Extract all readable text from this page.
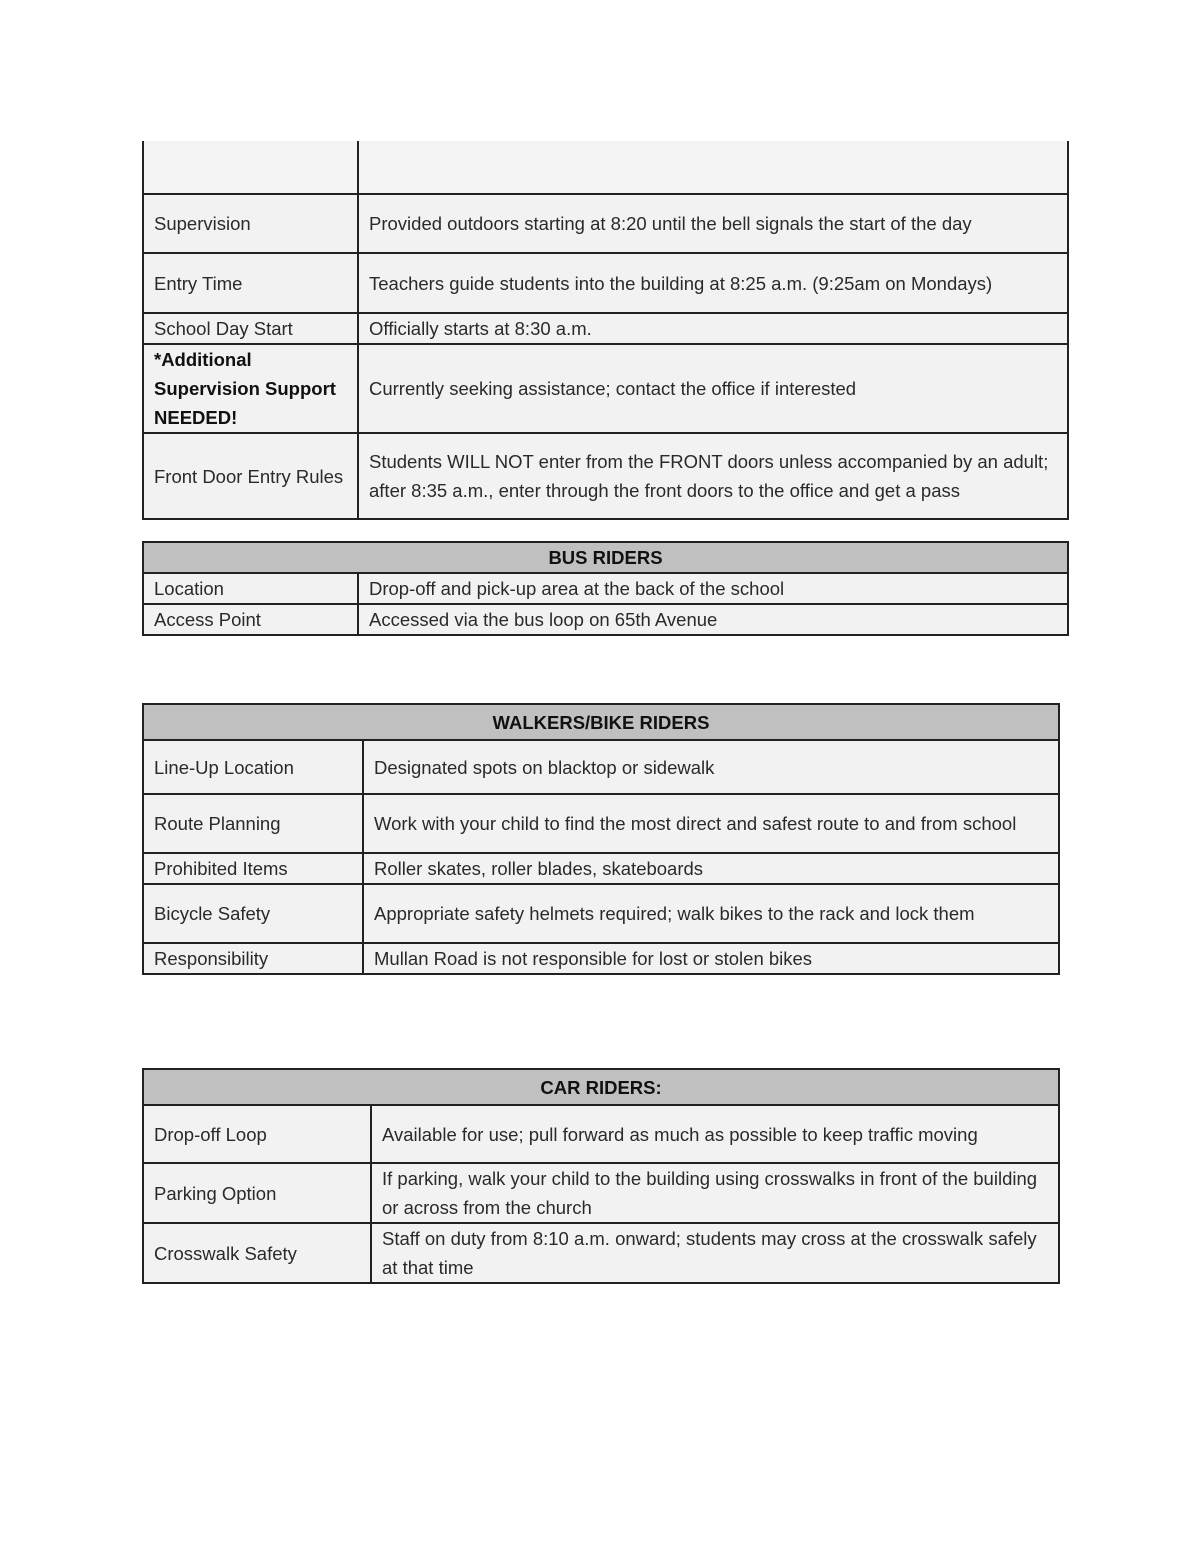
Supervision	Provided outdoors starting at 8:20 until the bell signals the start of the day
Entry Time	Teachers guide students into the building at 8:25 a.m. (9:25am on Mondays)
School Day Start	Officially starts at 8:30 a.m.
*Additional Supervision Support NEEDED!	Currently seeking assistance; contact the office if interested
Front Door Entry Rules	Students WILL NOT enter from the FRONT doors unless accompanied by an adult; after 8:35 a.m., enter through the front doors to the office and get a pass
BUS RIDERS	
Location	Drop-off and pick-up area at the back of the school
Access Point	Accessed via the bus loop on 65th Avenue
WALKERS/BIKE RIDERS	
Line-Up Location	Designated spots on blacktop or sidewalk
Route Planning	Work with your child to find the most direct and safest route to and from school
Prohibited Items	Roller skates, roller blades, skateboards
Bicycle Safety	Appropriate safety helmets required; walk bikes to the rack and lock them
Responsibility	Mullan Road is not responsible for lost or stolen bikes
CAR RIDERS:	
Drop-off Loop	Available for use; pull forward as much as possible to keep traffic moving
Parking Option	If parking, walk your child to the building using crosswalks in front of the building or across from the church
Crosswalk Safety	Staff on duty from 8:10 a.m. onward; students may cross at the crosswalk safely at that time
